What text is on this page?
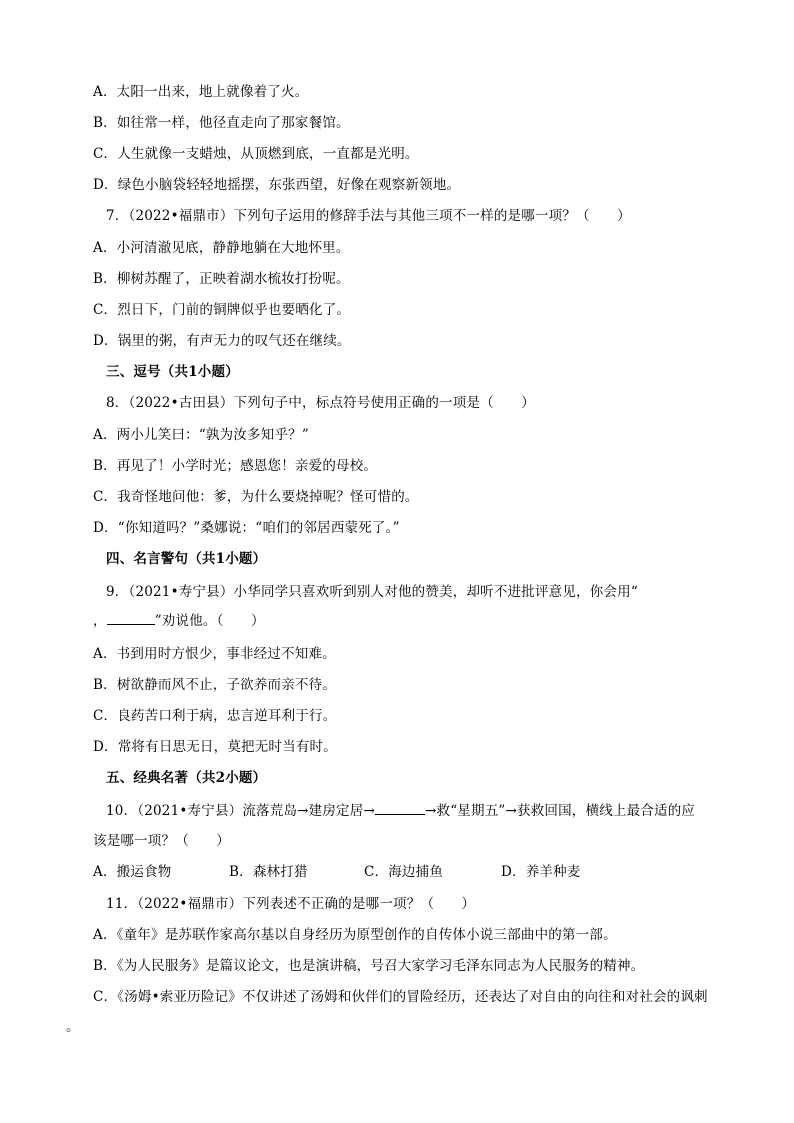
A．太阳一出来，地上就像着了火。
B．如往常一样，他径直走向了那家餐馆。
C．人生就像一支蜡烛，从顶燃到底，一直都是光明。
D．绿色小脑袋轻轻地摇摆，东张西望，好像在观察新领地。
7．（2022•福鼎市）下列句子运用的修辞手法与其他三项不一样的是哪一项？（　　）
A．小河清澈见底，静静地躺在大地怀里。
B．柳树苏醒了，正映着湖水梳妆打扮呢。
C．烈日下，门前的铜牌似乎也要晒化了。
D．锅里的粥，有声无力的叹气还在继续。
三、逗号（共1小题）
8．（2022•古田县）下列句子中，标点符号使用正确的一项是（　　）
A．两小儿笑曰：“孰为汝多知乎？”
B．再见了！小学时光；感恩您！亲爱的母校。
C．我奇怪地问他：爹，为什么要烧掉呢？怪可惜的。
D．“你知道吗？”桑娜说：“咱们的邻居西蒙死了。”
四、名言警句（共1小题）
9．（2021•寿宁县）小华同学只喜欢听到别人对他的赞美，却听不进批评意见，你会用“
，	”劝说他。（　　）
A．书到用时方恨少，事非经过不知难。
B．树欲静而风不止，子欲养而亲不待。
C．良药苦口利于病，忠言逆耳利于行。
D．常将有日思无日，莫把无时当有时。
五、经典名著（共2小题）
10．（2021•寿宁县）流落荒岛→建房定居→	→救“星期五”→获救回国，横线上最合适的应
该是哪一项？（　　）
A．搬运食物	B．森林打猎	C．海边捕鱼	D．养羊种麦
11．（2022•福鼎市）下列表述不正确的是哪一项？（　　）
A．《童年》是苏联作家高尔基以自身经历为原型创作的自传体小说三部曲中的第一部。
B．《为人民服务》是篇议论文，也是演讲稿，号召大家学习毛泽东同志为人民服务的精神。
C．《汤姆•索亚历险记》不仅讲述了汤姆和伙伴们的冒险经历，还表达了对自由的向往和对社会的讽刺
。
